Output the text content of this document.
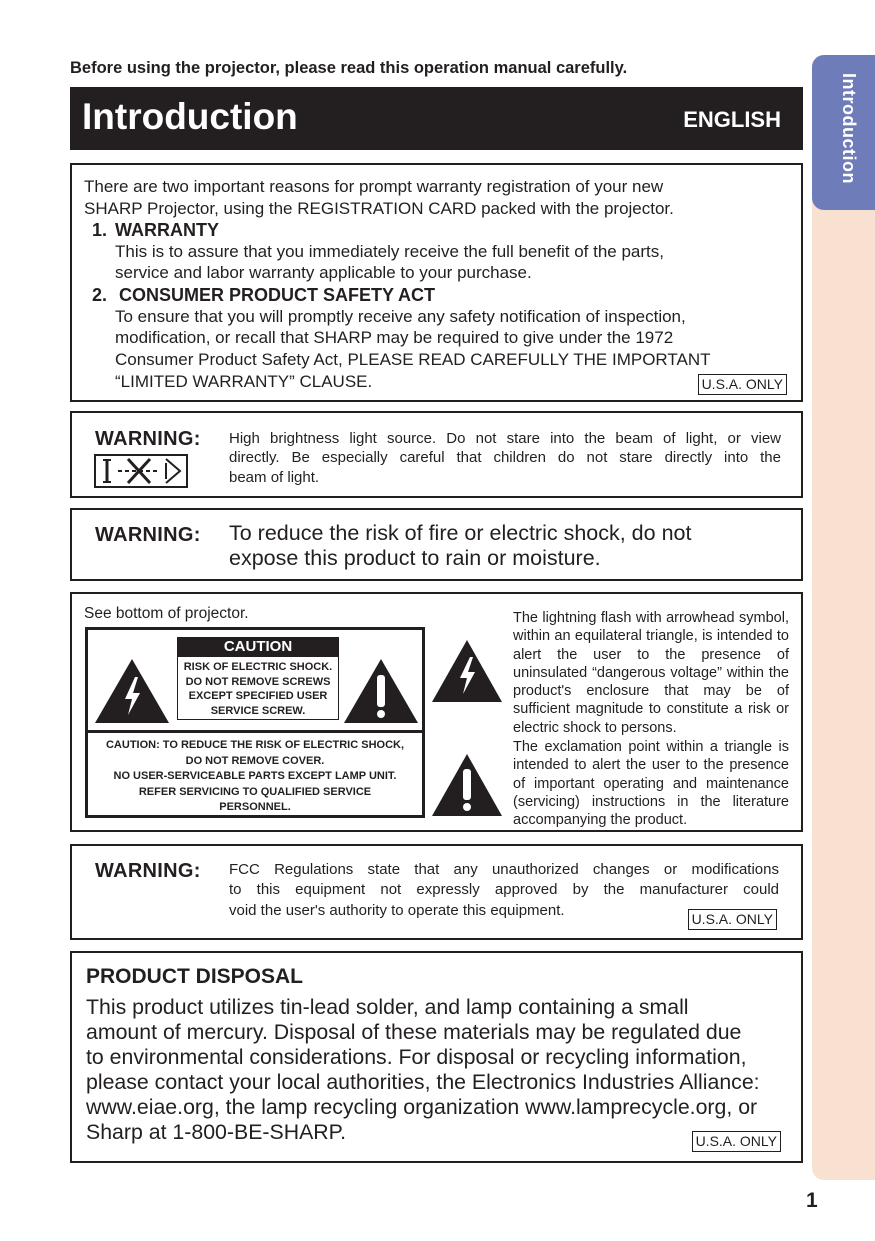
Introduction
Before using the projector, please read this operation manual carefully.
Introduction	ENGLISH
There are two important reasons for prompt warranty registration of your new
SHARP Projector, using the REGISTRATION CARD packed with the projector.
1. WARRANTY
This is to assure that you immediately receive the full benefit of the parts,
service and labor warranty applicable to your purchase.
2. CONSUMER PRODUCT SAFETY ACT
To ensure that you will promptly receive any safety notification of inspection,
modification, or recall that SHARP may be required to give under the 1972
Consumer Product Safety Act, PLEASE READ CAREFULLY THE IMPORTANT
“LIMITED WARRANTY” CLAUSE.	U.S.A. ONLY
WARNING: High brightness light source. Do not stare into the beam of light, or view
directly. Be especially careful that children do not stare directly into the
beam of light.
WARNING: To reduce the risk of fire or electric shock, do not
expose this product to rain or moisture.
See bottom of projector.
CAUTION
RISK OF ELECTRIC SHOCK.
DO NOT REMOVE SCREWS
EXCEPT SPECIFIED USER
SERVICE SCREW.
CAUTION: TO REDUCE THE RISK OF ELECTRIC SHOCK,
DO NOT REMOVE COVER.
NO USER-SERVICEABLE PARTS EXCEPT LAMP UNIT.
REFER SERVICING TO QUALIFIED SERVICE
PERSONNEL.
The lightning flash with arrowhead symbol, within an equilateral triangle, is intended to alert the user to the presence of uninsulated “dangerous voltage” within the product's enclosure that may be of sufficient magnitude to constitute a risk or electric shock to persons.
The exclamation point within a triangle is intended to alert the user to the presence of important operating and maintenance (servicing) instructions in the literature accompanying the product.
WARNING: FCC Regulations state that any unauthorized changes or modifications
to this equipment not expressly approved by the manufacturer could
void the user's authority to operate this equipment.	U.S.A. ONLY
PRODUCT DISPOSAL
This product utilizes tin-lead solder, and lamp containing a small
amount of mercury. Disposal of these materials may be regulated due
to environmental considerations. For disposal or recycling information,
please contact your local authorities, the Electronics Industries Alliance:
www.eiae.org, the lamp recycling organization www.lamprecycle.org, or
Sharp at 1-800-BE-SHARP.	U.S.A. ONLY
1
